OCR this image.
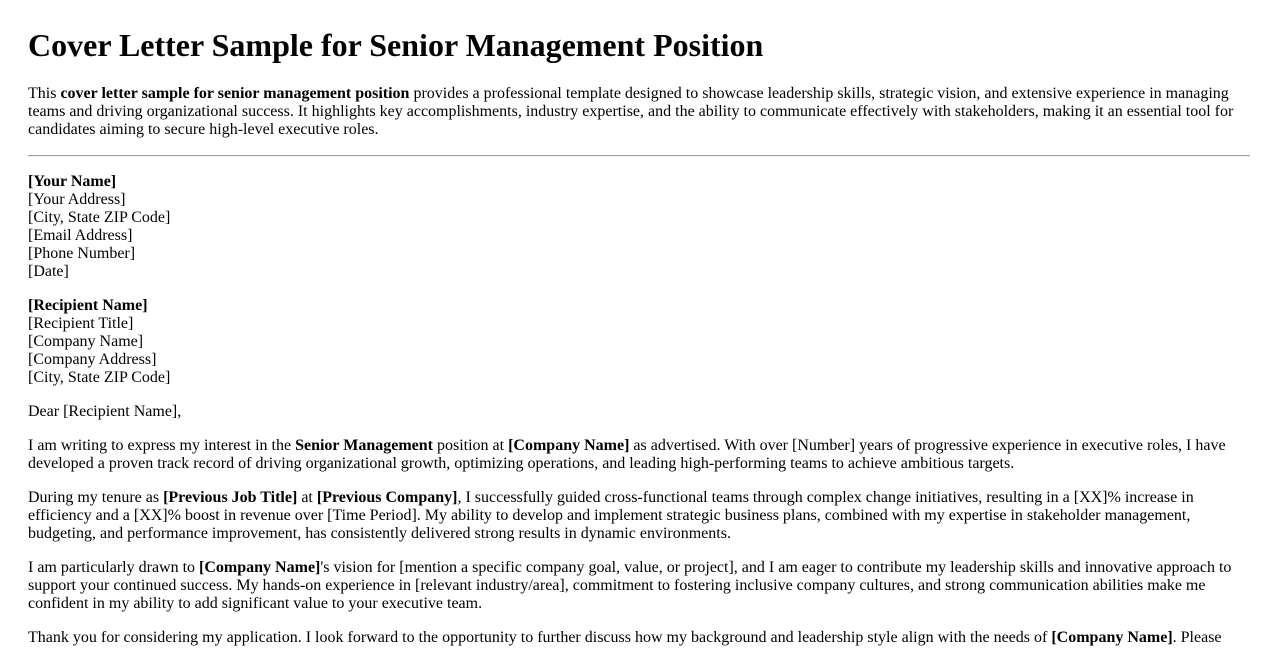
Cover Letter Sample for Senior Management Position

This cover letter sample for senior management position provides a professional template designed to showcase leadership skills, strategic vision, and extensive experience in managing teams and driving organizational success. It highlights key accomplishments, industry expertise, and the ability to communicate effectively with stakeholders, making it an essential tool for candidates aiming to secure high-level executive roles.

[Your Name]
[Your Address]
[City, State ZIP Code]
[Email Address]
[Phone Number]
[Date]

[Recipient Name]
[Recipient Title]
[Company Name]
[Company Address]
[City, State ZIP Code]

Dear [Recipient Name],

I am writing to express my interest in the Senior Management position at [Company Name] as advertised. With over [Number] years of progressive experience in executive roles, I have developed a proven track record of driving organizational growth, optimizing operations, and leading high-performing teams to achieve ambitious targets.

During my tenure as [Previous Job Title] at [Previous Company], I successfully guided cross-functional teams through complex change initiatives, resulting in a [XX]% increase in efficiency and a [XX]% boost in revenue over [Time Period]. My ability to develop and implement strategic business plans, combined with my expertise in stakeholder management, budgeting, and performance improvement, has consistently delivered strong results in dynamic environments.

I am particularly drawn to [Company Name]'s vision for [mention a specific company goal, value, or project], and I am eager to contribute my leadership skills and innovative approach to support your continued success. My hands-on experience in [relevant industry/area], commitment to fostering inclusive company cultures, and strong communication abilities make me confident in my ability to add significant value to your executive team.

Thank you for considering my application. I look forward to the opportunity to further discuss how my background and leadership style align with the needs of [Company Name]. Please
